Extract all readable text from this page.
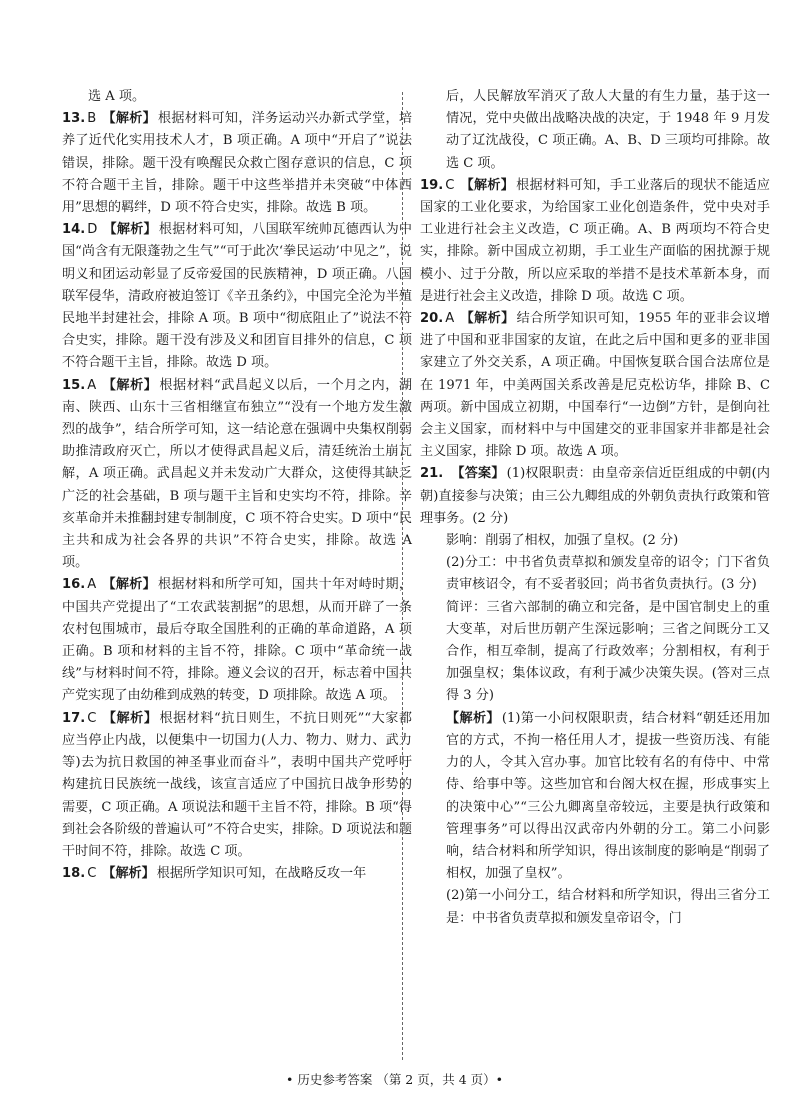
选 A 项。

13. B 【解析】 根据材料可知，洋务运动兴办新式学堂，培养了近代化实用技术人才，B 项正确。A 项中“开启了”说法错误，排除。题干没有唤醒民众救亡图存意识的信息，C 项不符合题干主旨，排除。题干中这些举措并未突破“中体西用”思想的羁绊，D 项不符合史实，排除。故选 B 项。

14. D 【解析】 根据材料可知，八国联军统帅瓦德西认为中国“尚含有无限蓬勃之生气”“可于此次‘拳民运动’中见之”，说明义和团运动彰显了反帝爱国的民族精神，D 项正确。八国联军侵华，清政府被迫签订《辛丑条约》，中国完全沦为半殖民地半封建社会，排除 A 项。B 项中“彻底阻止了”说法不符合史实，排除。题干没有涉及义和团盲目排外的信息，C 项不符合题干主旨，排除。故选 D 项。

15. A 【解析】 根据材料“武昌起义以后，一个月之内，湖南、陕西、山东十三省相继宣布独立”“没有一个地方发生激烈的战争”，结合所学可知，这一结论意在强调中央集权削弱助推清政府灭亡，所以才使得武昌起义后，清廷统治土崩瓦解，A 项正确。武昌起义并未发动广大群众，这使得其缺乏广泛的社会基础，B 项与题干主旨和史实均不符，排除。辛亥革命并未推翻封建专制制度，C 项不符合史实。D 项中“民主共和成为社会各界的共识”不符合史实，排除。故选 A 项。

16. A 【解析】 根据材料和所学可知，国共十年对峙时期，中国共产党提出了“工农武装割据”的思想，从而开辟了一条农村包围城市，最后夺取全国胜利的正确的革命道路，A 项正确。B 项和材料的主旨不符，排除。C 项中“革命统一战线”与材料时间不符，排除。遵义会议的召开，标志着中国共产党实现了由幼稚到成熟的转变，D 项排除。故选 A 项。

17. C 【解析】 根据材料“抗日则生，不抗日则死”“大家都应当停止内战，以便集中一切国力(人力、物力、财力、武力等)去为抗日救国的神圣事业而奋斗”，表明中国共产党呼吁构建抗日民族统一战线，该宣言适应了中国抗日战争形势的需要，C 项正确。A 项说法和题干主旨不符，排除。B 项“得到社会各阶级的普遍认可”不符合史实，排除。D 项说法和题干时间不符，排除。故选 C 项。

18. C 【解析】 根据所学知识可知，在战略反攻一年

后，人民解放军消灭了敌人大量的有生力量，基于这一情况，党中央做出战略决战的决定，于 1948 年 9 月发动了辽沈战役，C 项正确。A、B、D 三项均可排除。故选 C 项。

19. C 【解析】 根据材料可知，手工业落后的现状不能适应国家的工业化要求，为给国家工业化创造条件，党中央对手工业进行社会主义改造，C 项正确。A、B 两项均不符合史实，排除。新中国成立初期，手工业生产面临的困扰源于规模小、过于分散，所以应采取的举措不是技术革新本身，而是进行社会主义改造，排除 D 项。故选 C 项。

20. A 【解析】 结合所学知识可知，1955 年的亚非会议增进了中国和亚非国家的友谊，在此之后中国和更多的亚非国家建立了外交关系，A 项正确。中国恢复联合国合法席位是在 1971 年，中美两国关系改善是尼克松访华，排除 B、C 两项。新中国成立初期，中国奉行“一边倒”方针，是倒向社会主义国家，而材料中与中国建交的亚非国家并非都是社会主义国家，排除 D 项。故选 A 项。

21. 【答案】 (1)权限职责：由皇帝亲信近臣组成的中朝(内朝)直接参与决策；由三公九卿组成的外朝负责执行政策和管理事务。(2 分)

影响：削弱了相权，加强了皇权。(2 分)

(2)分工：中书省负责草拟和颁发皇帝的诏令；门下省负责审核诏令，有不妥者驳回；尚书省负责执行。(3 分)

简评：三省六部制的确立和完备，是中国官制史上的重大变革，对后世历朝产生深远影响；三省之间既分工又合作，相互牵制，提高了行政效率；分割相权，有利于加强皇权；集体议政，有利于减少决策失误。(答对三点得 3 分)

【解析】 (1)第一小问权限职责，结合材料“朝廷还用加官的方式，不拘一格任用人才，提拔一些资历浅、有能力的人，令其入宫办事。加官比较有名的有侍中、中常侍、给事中等。这些加官和台阁大权在握，形成事实上的决策中心”“三公九卿离皇帝较远，主要是执行政策和管理事务”可以得出汉武帝内外朝的分工。第二小问影响，结合材料和所学知识，得出该制度的影响是“削弱了相权，加强了皇权”。

(2)第一小问分工，结合材料和所学知识，得出三省分工是：中书省负责草拟和颁发皇帝诏令，门

• 历史参考答案 （第 2 页，共 4 页）•
